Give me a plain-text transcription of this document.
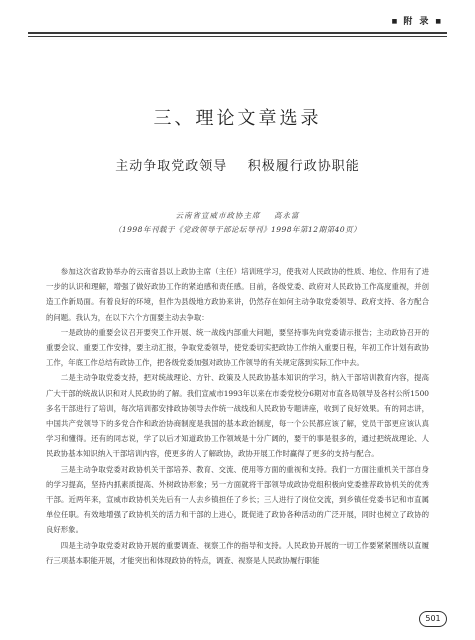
■ 附录 ■
三、理论文章选录
主动争取党政领导    积极履行政协职能
云南省宣威市政协主席    高永富
（1998年刊载于《党政领导干部论坛导刊》1998年第12期第40页）

参加这次省政协举办的云南省县以上政协主席（主任）培训班学习，使我对人民政协的性质、地位、作用有了进一步的认识和理解，增强了做好政协工作的紧迫感和责任感。目前，各级党委、政府对人民政协工作高度重视，并创造工作新局面。有着良好的环境，但作为县级地方政协来讲，仍然存在如何主动争取党委领导、政府支持、各方配合的问题。我认为，在以下六个方面要主动去争取：

一是政协的重要会议召开要突工作开展、统一战线内部重大问题，要坚持事先向党委请示报告；主动政协召开的重要会议、重要工作安排，要主动汇报，争取党委领导，使党委切实把政协工作纳入重要日程，年初工作计划有政协工作，年底工作总结有政协工作，把各级党委加强对政协工作领导的有关规定落到实际工作中去。

二是主动争取党委支持，把对统战理论、方针、政策及人民政协基本知识的学习，纳入干部培训教育内容，提高广大干部的统战认识和对人民政协的了解。我们宣威市1993年以来在市委党校分6期对市直各局领导及各村公所1500多名干部进行了培训，每次培训都安排政协领导去作统一战线和人民政协专题讲座，收到了良好效果。有的同志讲，中国共产党领导下的多党合作和政治协商制度是我国的基本政治制度，每一个公民都应该了解，党员干部更应该认真学习和懂得。还有的同志说，学了以后才知道政协工作领域是十分广阔的，要干的事是很多的，通过把统战理论、人民政协基本知识纳入干部培训内容，使更多的人了解政协，政协开展工作时赢得了更多的支持与配合。

三是主动争取党委对政协机关干部培养、教育、交流、使用等方面的重视和支持。我们一方面注重机关干部自身的学习提高，坚持内抓素质提高、外树政协形象；另一方面就将干部领导成政协党组积极向党委推荐政协机关的优秀干部。近两年来，宣威市政协机关先后有一人去乡镇担任了乡长；三人进行了岗位交流，到乡镇任党委书记和市直属单位任职。有效地增强了政协机关的活力和干部的上进心，既促进了政协各种活动的广泛开展，同时也树立了政协的良好形象。

四是主动争取党委对政协开展的重要调查、视察工作的指导和支持。人民政协开展的一切工作要紧紧围绕以直履行三项基本职能开展，才能突出和体现政协的特点，调查、视察是人民政协履行职能

501
